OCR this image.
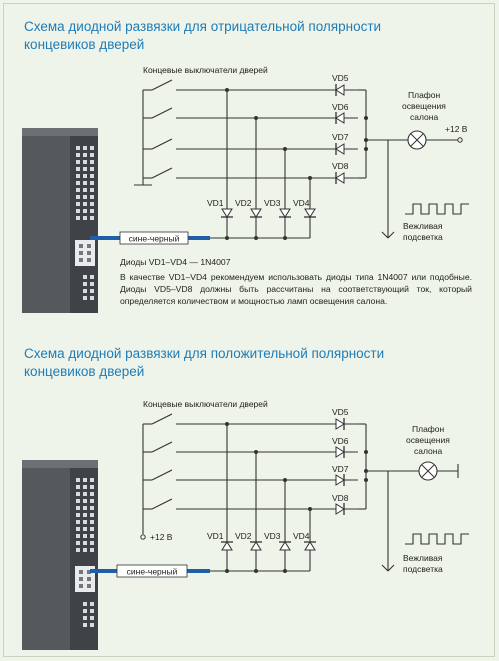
Схема диодной развязки для отрицательной полярности
концевиков дверей
сине-черный
Концевые выключатели дверей
VD1 VD2 VD3 VD4
VD5
VD6
VD7
VD8
+12 В
Плафон
освещения
салона
Вежливая
подсветка

Диоды VD1–VD4 — 1N4007

В качестве VD1–VD4 рекомендуем использовать диоды типа 1N4007 или подобные. Диоды VD5–VD8 должны быть рассчитаны на соответствующий ток, который определяется количеством и мощностью ламп освещения салона.

Схема диодной развязки для положительной полярности
концевиков дверей
сине-черный
Концевые выключатели дверей
+12 В	VD1 VD2 VD3 VD4
VD5
VD6
VD7
VD8
Плафон
освещения
салона
Вежливая
подсветка
